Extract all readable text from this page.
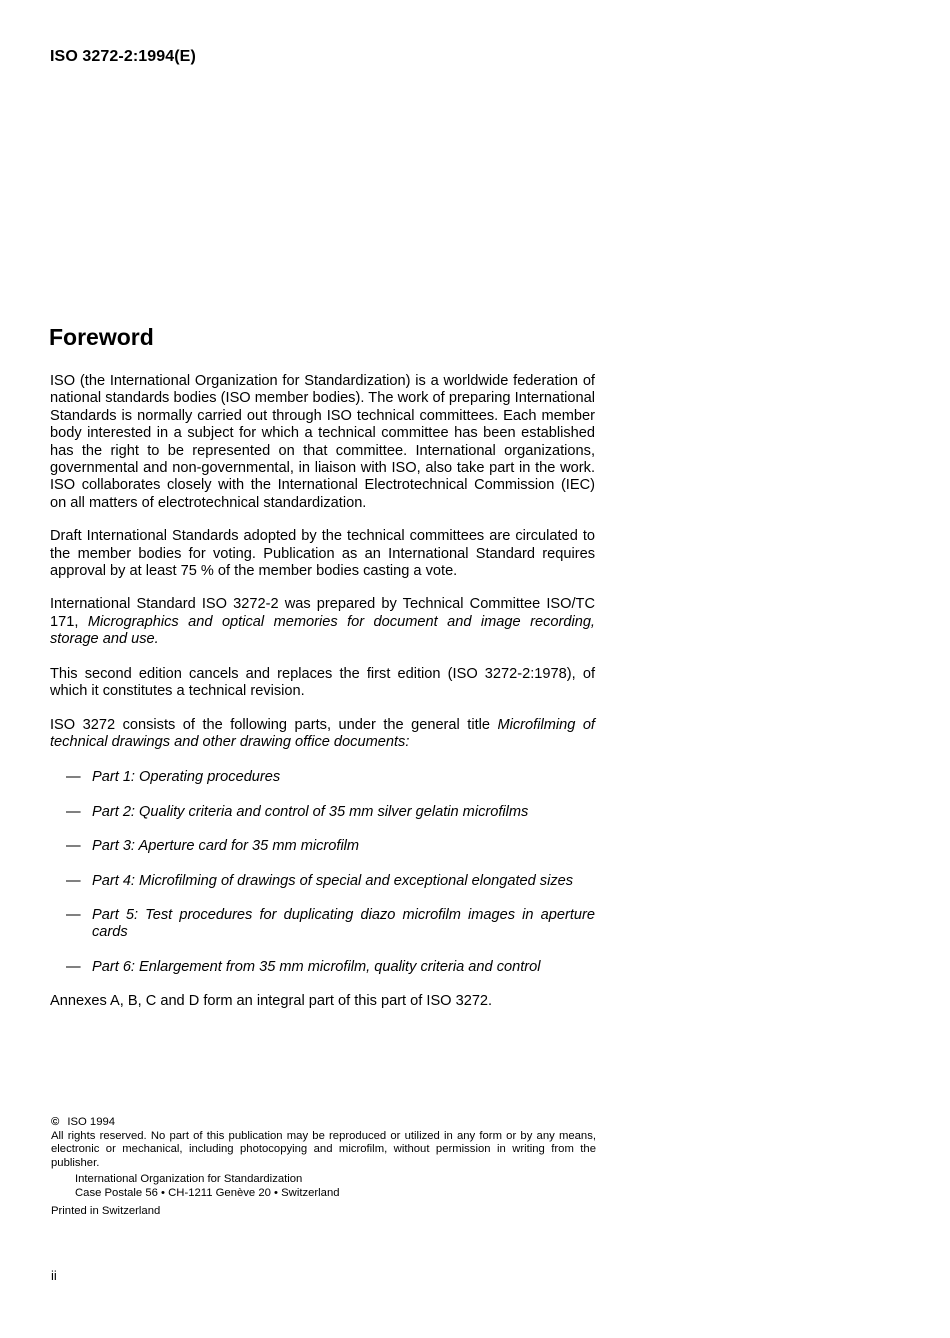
ISO 3272-2:1994(E)
Foreword

ISO (the International Organization for Standardization) is a worldwide federation of national standards bodies (ISO member bodies). The work of preparing International Standards is normally carried out through ISO technical committees. Each member body interested in a subject for which a technical committee has been established has the right to be represented on that committee. International organizations, governmental and non-governmental, in liaison with ISO, also take part in the work. ISO collaborates closely with the International Electrotechnical Commission (IEC) on all matters of electrotechnical standardization.

Draft International Standards adopted by the technical committees are circulated to the member bodies for voting. Publication as an International Standard requires approval by at least 75 % of the member bodies casting a vote.

International Standard ISO 3272-2 was prepared by Technical Committee ISO/TC 171, Micrographics and optical memories for document and image recording, storage and use.

This second edition cancels and replaces the first edition (ISO 3272-2:1978), of which it constitutes a technical revision.

ISO 3272 consists of the following parts, under the general title Microfilming of technical drawings and other drawing office documents:

— Part 1: Operating procedures
— Part 2: Quality criteria and control of 35 mm silver gelatin microfilms
— Part 3: Aperture card for 35 mm microfilm
— Part 4: Microfilming of drawings of special and exceptional elongated sizes
— Part 5: Test procedures for duplicating diazo microfilm images in aperture cards
— Part 6: Enlargement from 35 mm microfilm, quality criteria and control

Annexes A, B, C and D form an integral part of this part of ISO 3272.

© ISO 1994

All rights reserved. No part of this publication may be reproduced or utilized in any form or by any means, electronic or mechanical, including photocopying and microfilm, without permission in writing from the publisher.

International Organization for Standardization
Case Postale 56 • CH-1211 Genève 20 • Switzerland

Printed in Switzerland

ii
